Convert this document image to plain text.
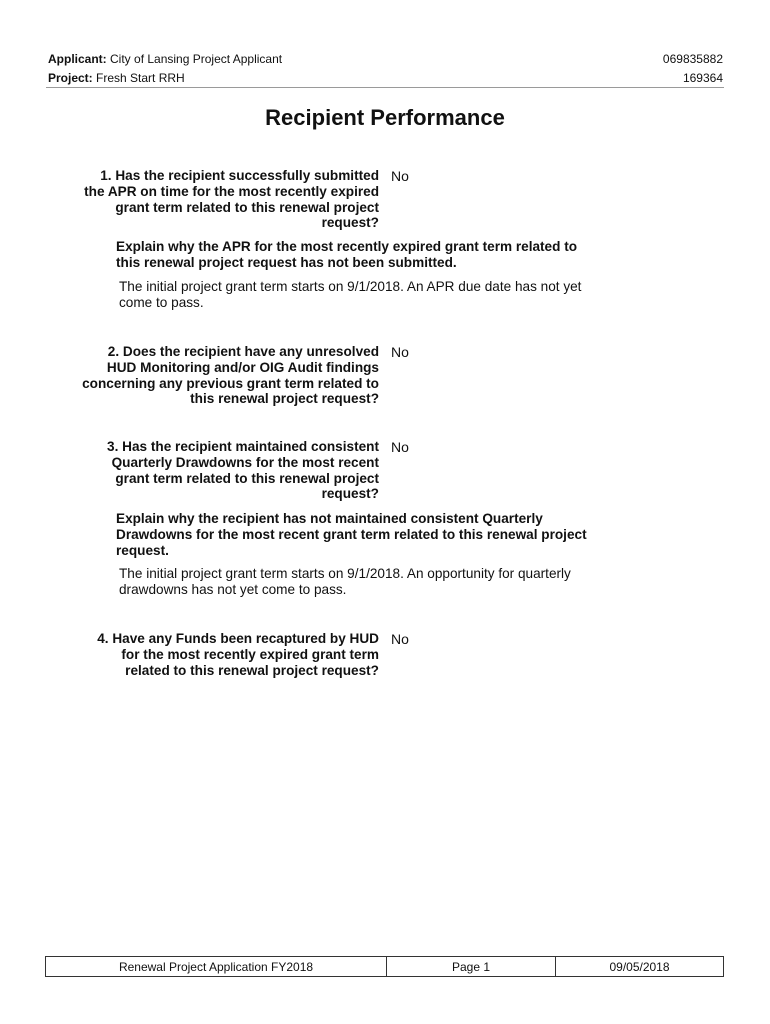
Applicant: City of Lansing Project Applicant
Project: Fresh Start RRH
069835882
169364
Recipient Performance
1. Has the recipient successfully submitted
the APR on time for the most recently expired
grant term related to this renewal project
request?
No
Explain why the APR for the most recently expired grant term related to
this renewal project request has not been submitted.
The initial project grant term starts on 9/1/2018. An APR due date has not yet
come to pass.
2. Does the recipient have any unresolved
HUD Monitoring and/or OIG Audit findings
concerning any previous grant term related to
this renewal project request?
No
3. Has the recipient maintained consistent
Quarterly Drawdowns for the most recent
grant term related to this renewal project
request?
No
Explain why the recipient has not maintained consistent Quarterly
Drawdowns for the most recent grant term related to this renewal project
request.
The initial project grant term starts on 9/1/2018. An opportunity for quarterly
drawdowns has not yet come to pass.
4. Have any Funds been recaptured by HUD
for the most recently expired grant term
related to this renewal project request?
No
Renewal Project Application FY2018	Page 1	09/05/2018
